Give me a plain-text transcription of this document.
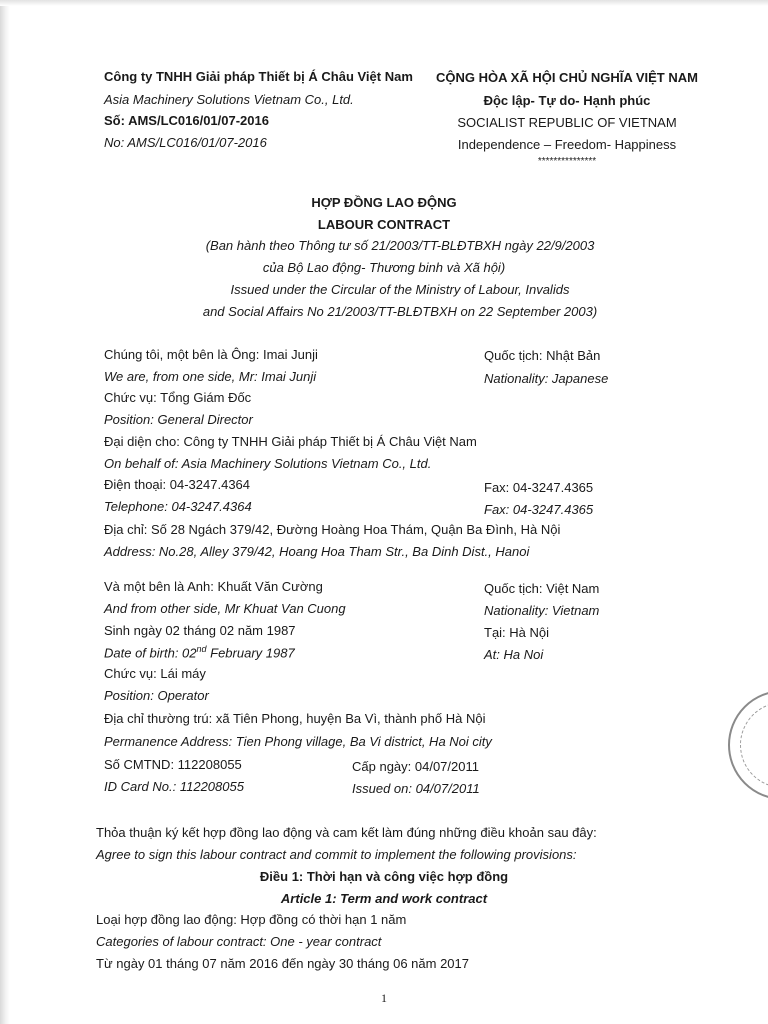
Công ty TNHH Giải pháp Thiết bị Á Châu Việt Nam
Asia Machinery Solutions Vietnam Co., Ltd.
Số: AMS/LC016/01/07-2016
No: AMS/LC016/01/07-2016
CỘNG HÒA XÃ HỘI CHỦ NGHĨA VIỆT NAM
Độc lập- Tự do- Hạnh phúc
SOCIALIST REPUBLIC OF VIETNAM
Independence – Freedom- Happiness
***************
HỢP ĐỒNG LAO ĐỘNG
LABOUR CONTRACT
(Ban hành theo Thông tư số 21/2003/TT-BLĐTBXH ngày 22/9/2003
của Bộ Lao động- Thương binh và Xã hội)
Issued under the Circular of the Ministry of Labour, Invalids
and Social Affairs No 21/2003/TT-BLĐTBXH on 22 September 2003)
Chúng tôi, một bên là Ông: Imai Junji	Quốc tịch: Nhật Bản
We are, from one side, Mr: Imai Junji	Nationality: Japanese
Chức vụ: Tổng Giám Đốc
Position: General Director
Đại diện cho: Công ty TNHH Giải pháp Thiết bị Á Châu Việt Nam
On behalf of: Asia Machinery Solutions Vietnam Co., Ltd.
Điện thoại: 04-3247.4364	Fax: 04-3247.4365
Telephone: 04-3247.4364	Fax: 04-3247.4365
Địa chỉ: Số 28 Ngách 379/42, Đường Hoàng Hoa Thám, Quận Ba Đình, Hà Nội
Address: No.28, Alley 379/42, Hoang Hoa Tham Str., Ba Dinh Dist., Hanoi
Và một bên là Anh: Khuất Văn Cường	Quốc tịch: Việt Nam
And from other side, Mr Khuat Van Cuong	Nationality: Vietnam
Sinh ngày 02 tháng 02 năm 1987	Tại: Hà Nội
Date of birth: 02nd February 1987	At: Ha Noi
Chức vụ: Lái máy
Position: Operator
Địa chỉ thường trú: xã Tiên Phong, huyện Ba Vì, thành phố Hà Nội
Permanence Address: Tien Phong village, Ba Vi district, Ha Noi city
Số CMTND: 112208055	Cấp ngày: 04/07/2011
ID Card No.: 112208055	Issued on: 04/07/2011
Thỏa thuận ký kết hợp đồng lao động và cam kết làm đúng những điều khoản sau đây:
Agree to sign this labour contract and commit to implement the following provisions:
Điều 1: Thời hạn và công việc hợp đồng
Article 1: Term and work contract
Loại hợp đồng lao động: Hợp đồng có thời hạn 1 năm
Categories of labour contract: One - year contract
Từ ngày 01 tháng 07 năm 2016 đến ngày 30 tháng 06 năm 2017
1
